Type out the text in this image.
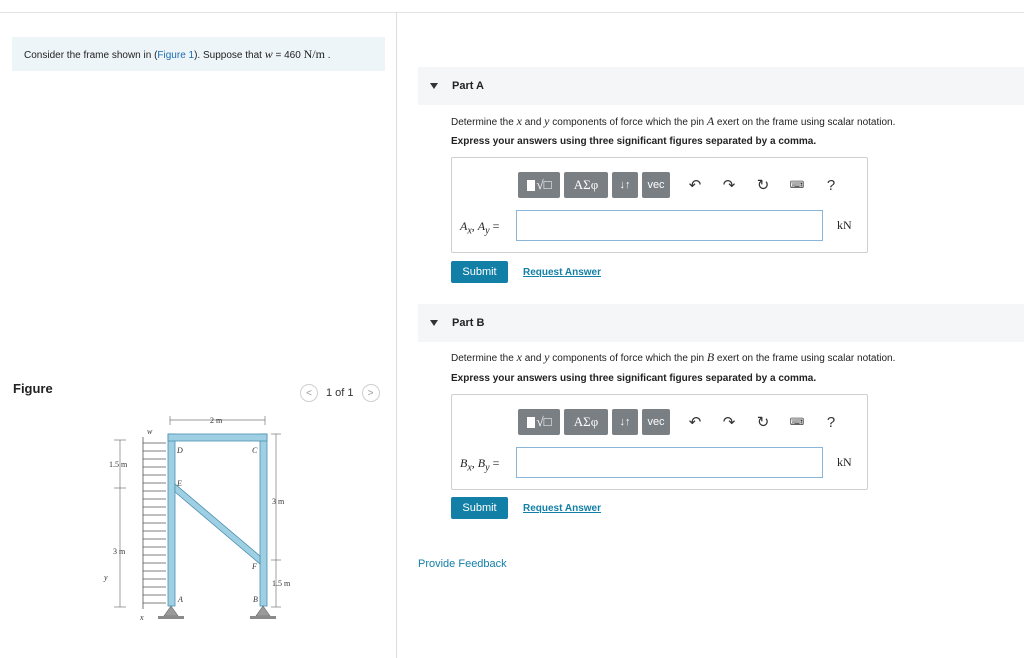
Consider the frame shown in (Figure 1). Suppose that w = 460 N/m .
Figure	<	1 of 1	>
2 m
1.5 m
3 m
3 m
1.5 m
w
D	C
E
F
A	B
y
x
Part A
Determine the x and y components of force which the pin A exert on the frame using scalar notation.
Express your answers using three significant figures separated by a comma.
√□	ΑΣφ	↓↑	vec	↶	↷	↻	⌨	?
$A_x$, $A_y$ =	kN
Submit	Request Answer
Part B
Determine the x and y components of force which the pin B exert on the frame using scalar notation.
Express your answers using three significant figures separated by a comma.
√□	ΑΣφ	↓↑	vec	↶	↷	↻	⌨	?
$B_x$, $B_y$ =	kN
Submit	Request Answer
Provide Feedback
